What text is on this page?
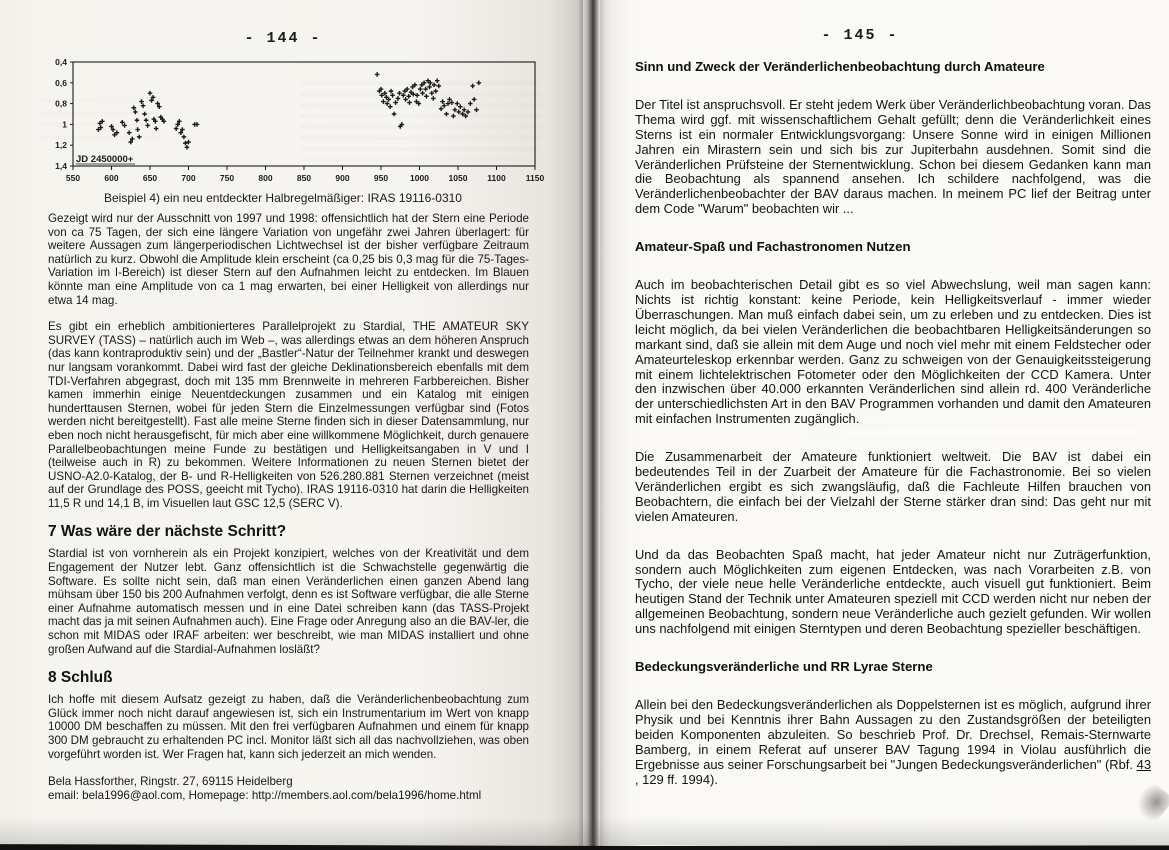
- 144 -
0,4
0,6
0,8
1
1,2
1,4
550	600	650	700	750	800	850	900	950	1000 1050 1100 1150
JD 2450000+
Beispiel 4) ein neu entdeckter Halbregelmäßiger: IRAS 19116-0310

Gezeigt wird nur der Ausschnitt von 1997 und 1998: offensichtlich hat der Stern eine Periode von ca 75 Tagen, der sich eine längere Variation von ungefähr zwei Jahren überlagert: für weitere Aussagen zum längerperiodischen Lichtwechsel ist der bisher verfügbare Zeitraum natürlich zu kurz. Obwohl die Amplitude klein erscheint (ca 0,25 bis 0,3 mag für die 75-Tages-Variation im I-Bereich) ist dieser Stern auf den Aufnahmen leicht zu entdecken. Im Blauen könnte man eine Amplitude von ca 1 mag erwarten, bei einer Helligkeit von allerdings nur etwa 14 mag.

Es gibt ein erheblich ambitionierteres Parallelprojekt zu Stardial, THE AMATEUR SKY SURVEY (TASS) – natürlich auch im Web –, was allerdings etwas an dem höheren Anspruch (das kann kontraproduktiv sein) und der „Bastler“-Natur der Teilnehmer krankt und deswegen nur langsam vorankommt. Dabei wird fast der gleiche Deklinationsbereich ebenfalls mit dem TDI-Verfahren abgegrast, doch mit 135 mm Brennweite in mehreren Farbbereichen. Bisher kamen immerhin einige Neuentdeckungen zusammen und ein Katalog mit einigen hunderttausen Sternen, wobei für jeden Stern die Einzelmessungen verfügbar sind (Fotos werden nicht bereitgestellt). Fast alle meine Sterne finden sich in dieser Datensammlung, nur eben noch nicht herausgefischt, für mich aber eine willkommene Möglichkeit, durch genauere Parallelbeobachtungen meine Funde zu bestätigen und Helligkeitsangaben in V und I (teilweise auch in R) zu bekommen. Weitere Informationen zu neuen Sternen bietet der USNO-A2.0-Katalog, der B- und R-Helligkeiten von 526.280.881 Sternen verzeichnet (meist auf der Grundlage des POSS, geeicht mit Tycho). IRAS 19116-0310 hat darin die Helligkeiten 11,5 R und 14,1 B, im Visuellen laut GSC 12,5 (SERC V).

7 Was wäre der nächste Schritt?

Stardial ist von vornherein als ein Projekt konzipiert, welches von der Kreativität und dem Engagement der Nutzer lebt. Ganz offensichtlich ist die Schwachstelle gegenwärtig die Software. Es sollte nicht sein, daß man einen Veränderlichen einen ganzen Abend lang mühsam über 150 bis 200 Aufnahmen verfolgt, denn es ist Software verfügbar, die alle Sterne einer Aufnahme automatisch messen und in eine Datei schreiben kann (das TASS-Projekt macht das ja mit seinen Aufnahmen auch). Eine Frage oder Anregung also an die BAV-ler, die schon mit MIDAS oder IRAF arbeiten: wer beschreibt, wie man MIDAS installiert und ohne großen Aufwand auf die Stardial-Aufnahmen losläßt?

8 Schluß

Ich hoffe mit diesem Aufsatz gezeigt zu haben, daß die Veränderlichenbeobachtung zum Glück immer noch nicht darauf angewiesen ist, sich ein Instrumentarium im Wert von knapp 10000 DM beschaffen zu müssen. Mit den frei verfügbaren Aufnahmen und einem für knapp 300 DM gebraucht zu erhaltenden PC incl. Monitor läßt sich all das nachvollziehen, was oben vorgeführt worden ist. Wer Fragen hat, kann sich jederzeit an mich wenden.

Bela Hassforther, Ringstr. 27, 69115 Heidelberg
email: bela1996@aol.com, Homepage: http://members.aol.com/bela1996/home.html
- 145 -
Sinn und Zweck der Veränderlichenbeobachtung durch Amateure

Der Titel ist anspruchsvoll. Er steht jedem Werk über Veränderlichbeobachtung voran. Das Thema wird ggf. mit wissenschaftlichem Gehalt gefüllt; denn die Veränderlichkeit eines Sterns ist ein normaler Entwicklungsvorgang: Unsere Sonne wird in einigen Millionen Jahren ein Mirastern sein und sich bis zur Jupiterbahn ausdehnen. Somit sind die Veränderlichen Prüfsteine der Sternentwicklung. Schon bei diesem Gedanken kann man die Beobachtung als spannend ansehen. Ich schildere nachfolgend, was die Veränderlichenbeobachter der BAV daraus machen. In meinem PC lief der Beitrag unter dem Code "Warum" beobachten wir ...

Amateur-Spaß und Fachastronomen Nutzen

Auch im beobachterischen Detail gibt es so viel Abwechslung, weil man sagen kann: Nichts ist richtig konstant: keine Periode, kein Helligkeitsverlauf - immer wieder Überraschungen. Man muß einfach dabei sein, um zu erleben und zu entdecken. Dies ist leicht möglich, da bei vielen Veränderlichen die beobachtbaren Helligkeitsänderungen so markant sind, daß sie allein mit dem Auge und noch viel mehr mit einem Feldstecher oder Amateurteleskop erkennbar werden. Ganz zu schweigen von der Genauigkeitssteigerung mit einem lichtelektrischen Fotometer oder den Möglichkeiten der CCD Kamera. Unter den inzwischen über 40.000 erkannten Veränderlichen sind allein rd. 400 Veränderliche der unterschiedlichsten Art in den BAV Programmen vorhanden und damit den Amateuren mit einfachen Instrumenten zugänglich.

Die Zusammenarbeit der Amateure funktioniert weltweit. Die BAV ist dabei ein bedeutendes Teil in der Zuarbeit der Amateure für die Fachastronomie. Bei so vielen Veränderlichen ergibt es sich zwangsläufig, daß die Fachleute Hilfen brauchen von Beobachtern, die einfach bei der Vielzahl der Sterne stärker dran sind: Das geht nur mit vielen Amateuren.

Und da das Beobachten Spaß macht, hat jeder Amateur nicht nur Zuträgerfunktion, sondern auch Möglichkeiten zum eigenen Entdecken, was nach Vorarbeiten z.B. von Tycho, der viele neue helle Veränderliche entdeckte, auch visuell gut funktioniert. Beim heutigen Stand der Technik unter Amateuren speziell mit CCD werden nicht nur neben der allgemeinen Beobachtung, sondern neue Veränderliche auch gezielt gefunden. Wir wollen uns nachfolgend mit einigen Sterntypen und deren Beobachtung spezieller beschäftigen.

Bedeckungsveränderliche und RR Lyrae Sterne

Allein bei den Bedeckungsveränderlichen als Doppelsternen ist es möglich, aufgrund ihrer Physik und bei Kenntnis ihrer Bahn Aussagen zu den Zustandsgrößen der beteiligten beiden Komponenten abzuleiten. So beschrieb Prof. Dr. Drechsel, Remais-Sternwarte Bamberg, in einem Referat auf unserer BAV Tagung 1994 in Violau ausführlich die Ergebnisse aus seiner Forschungsarbeit bei "Jungen Bedeckungsveränderlichen" (Rbf. 43 , 129 ff. 1994).
